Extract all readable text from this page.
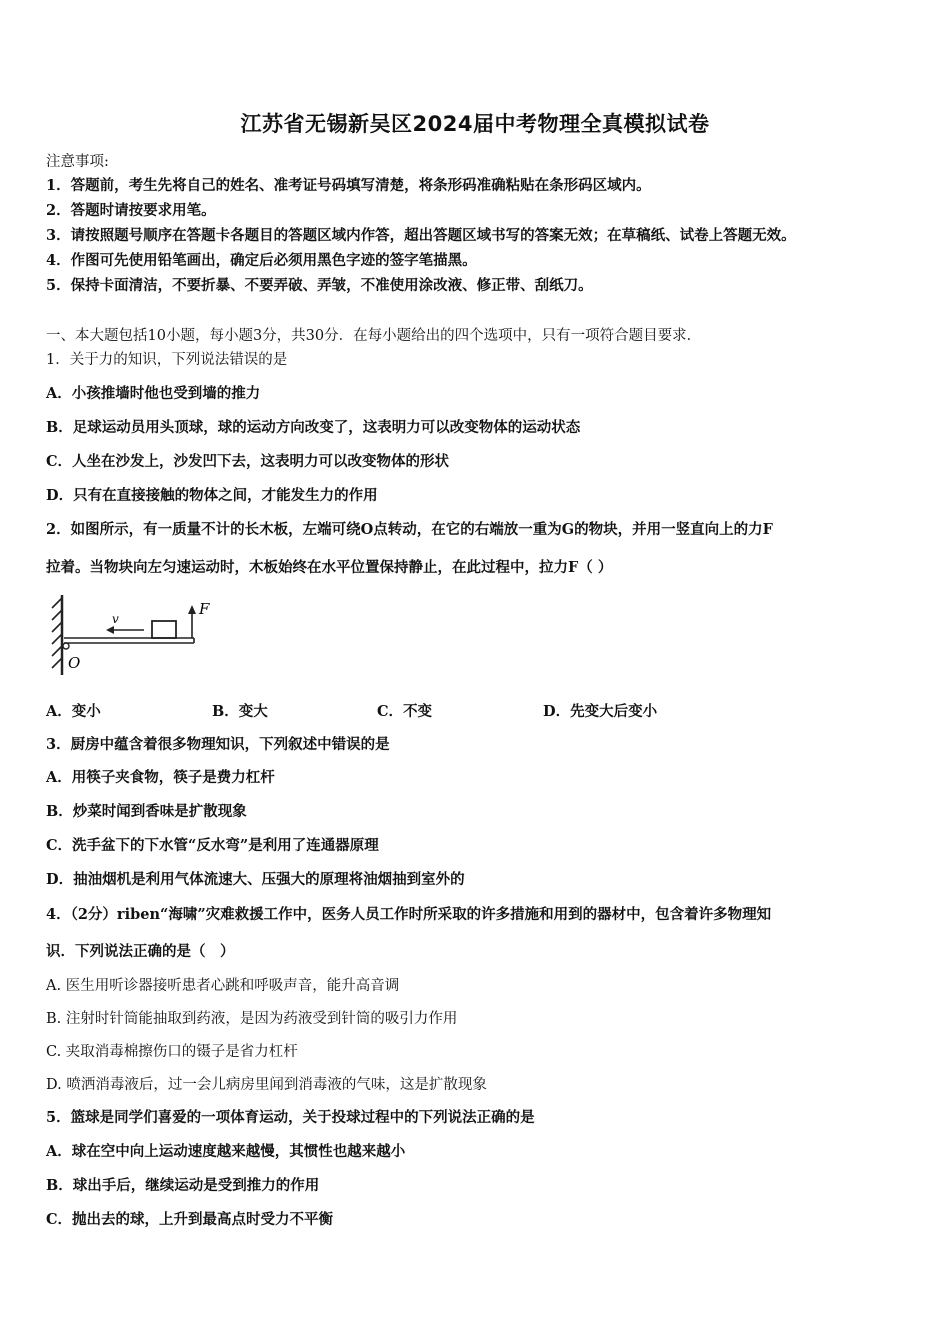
江苏省无锡新吴区2024届中考物理全真模拟试卷
注意事项:
1．答题前，考生先将自己的姓名、准考证号码填写清楚，将条形码准确粘贴在条形码区域内。
2．答题时请按要求用笔。
3．请按照题号顺序在答题卡各题目的答题区域内作答，超出答题区域书写的答案无效；在草稿纸、试卷上答题无效。
4．作图可先使用铅笔画出，确定后必须用黑色字迹的签字笔描黑。
5．保持卡面清洁，不要折暴、不要弄破、弄皱，不准使用涂改液、修正带、刮纸刀。
一、本大题包括10小题，每小题3分，共30分．在每小题给出的四个选项中，只有一项符合题目要求．
1．关于力的知识，下列说法错误的是
A．小孩推墙时他也受到墙的推力
B．足球运动员用头顶球，球的运动方向改变了，这表明力可以改变物体的运动状态
C．人坐在沙发上，沙发凹下去，这表明力可以改变物体的形状
D．只有在直接接触的物体之间，才能发生力的作用
2．如图所示，有一质量不计的长木板，左端可绕O点转动，在它的右端放一重为G的物块，并用一竖直向上的力F
拉着。当物块向左匀速运动时，木板始终在水平位置保持静止，在此过程中，拉力F（ ）
v
F
O
A．变小	B．变大	C．不变	D．先变大后变小
3．厨房中蕴含着很多物理知识，下列叙述中错误的是
A．用筷子夹食物，筷子是费力杠杆
B．炒菜时闻到香味是扩散现象
C．洗手盆下的下水管“反水弯”是利用了连通器原理
D．抽油烟机是利用气体流速大、压强大的原理将油烟抽到室外的
4．（2分）riben“海啸”灾难救援工作中，医务人员工作时所采取的许多措施和用到的器材中，包含着许多物理知
识．下列说法正确的是（　）
A. 医生用听诊器接听患者心跳和呼吸声音，能升高音调
B. 注射时针筒能抽取到药液，是因为药液受到针筒的吸引力作用
C. 夹取消毒棉擦伤口的镊子是省力杠杆
D. 喷洒消毒液后，过一会儿病房里闻到消毒液的气味，这是扩散现象
5．篮球是同学们喜爱的一项体育运动，关于投球过程中的下列说法正确的是
A．球在空中向上运动速度越来越慢，其惯性也越来越小
B．球出手后，继续运动是受到推力的作用
C．抛出去的球，上升到最高点时受力不平衡
